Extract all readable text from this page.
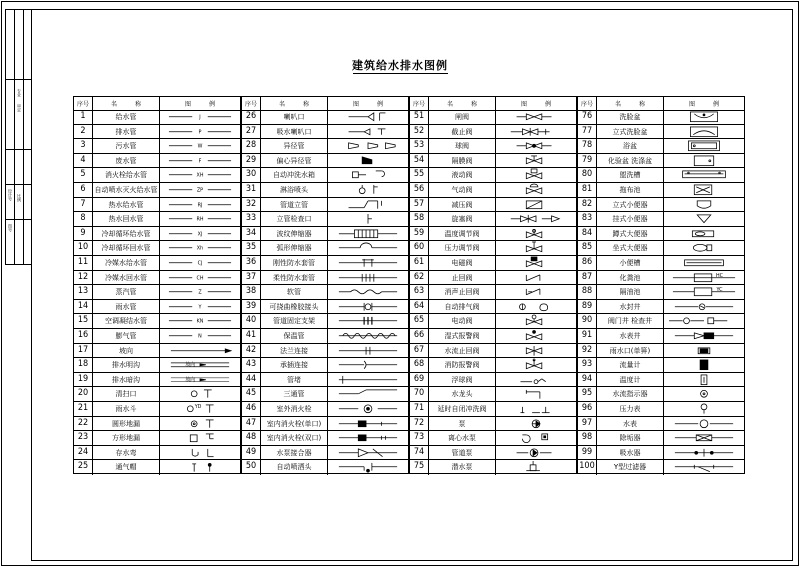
专业
审定
设计号 比例
图号
建筑给水排水图例
序号	名　　　称	图　　　例
1	给水管	J
2	排水管	P
3	污水管	W
4	废水管	F
5	消火栓给水管	XH
6	自动喷水灭火给水管	ZP
7	热水给水管	RJ
8	热水回水管	RH
9	冷却循环给水管	XJ
10	冷却循环回水管	Xh
11	冷媒水给水管	CJ
12	冷媒水回水管	CH
13	蒸汽管	Z
14	雨水管	Y
15	空调凝结水管	KN
16	膨气管	N
17	坡向
18	排水明沟	坡向
19	排水暗沟	坡向
20	清扫口
21	雨水斗	YD
22	圆形地漏
23	方形地漏
24	存水弯
25	通气帽
序号	名　　　称	图　　　例
26	喇叭口
27	吸水喇叭口
28	异径管
29	偏心异径管
30	自动冲洗水箱
31	淋浴喷头
32	管道立管
33	立管检查口
34	波纹伸缩器
35	弧形伸缩器
36	刚性防水套管
37	柔性防水套管
38	软管
39	可挠曲橡胶接头
40	管道固定支架
41	保温管
42	法兰连接
43	承插连接
44	管堵
45	三通管
46	室外消火栓
47	室内消火栓(单口)
48	室内消火栓(双口)
49	水泵接合器
50	自动喷洒头
序号	名　　　称	图　　　例
51	闸阀
52	截止阀
53	球阀
54	隔膜阀
55	液动阀
56	气动阀
57	减压阀
58	旋塞阀
59	温度调节阀
60	压力调节阀
61	电磁阀
62	止回阀
63	消声止回阀
64	自动排气阀
65	电动阀
66	湿式报警阀
67	水流止回阀
68	消防报警阀
69	浮球阀
70	水龙头
71	延时自闭冲洗阀
72	泵
73	离心水泵
74	管道泵
75	潜水泵
序号	名　　　称	图　　　例
76	洗脸盆
77	立式洗脸盆
78	浴盆
79	化验盆 洗涤盆
80	盥洗槽
81	拖布池
82	立式小便器
83	挂式小便器
84	蹲式大便器
85	坐式大便器
86	小便槽
87	化粪池	HC
88	隔油池	YC
89	水封井
90	阀门井 检查井
91	水表井
92	雨水口(单箅)
93	流量计
94	温度计
95	水流指示器
96	压力表
97	水表
98	除垢器
99	吸水器
100	Y型过滤器
